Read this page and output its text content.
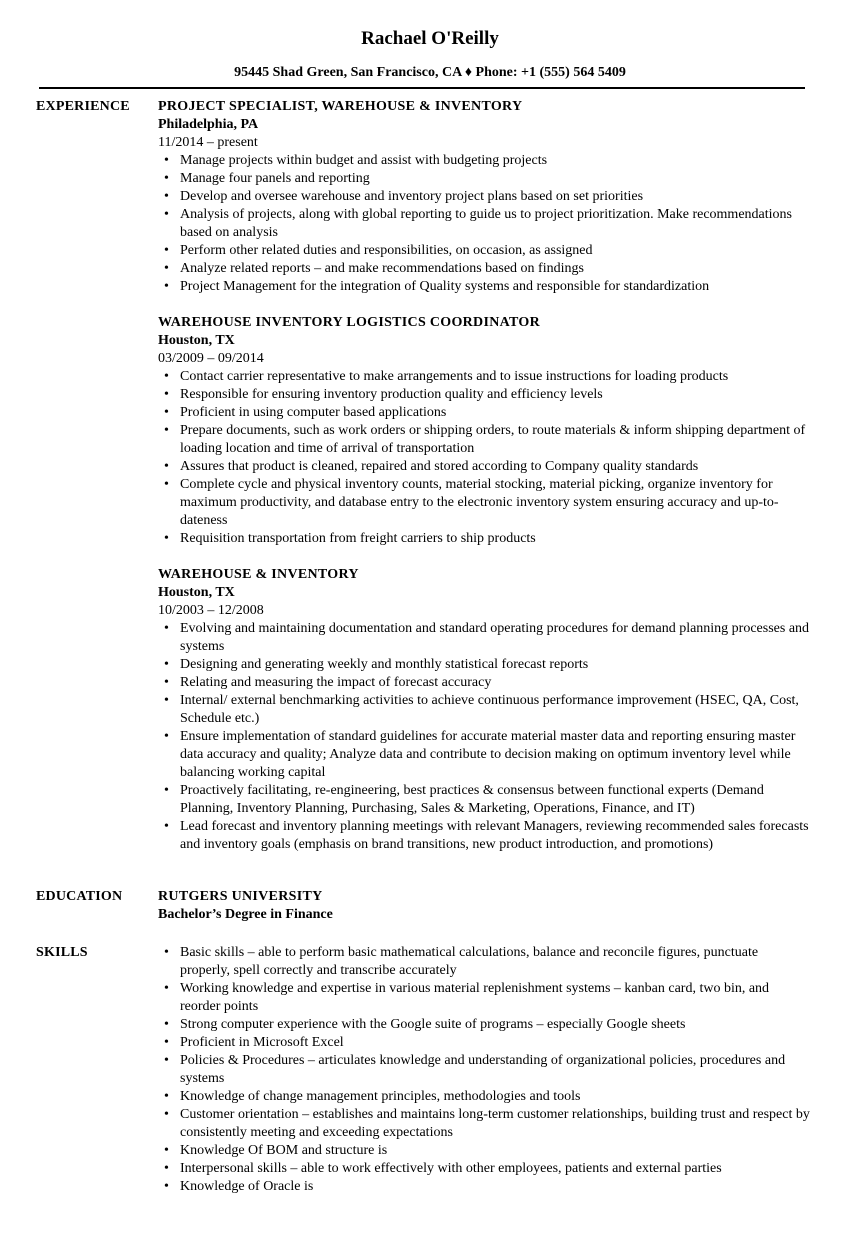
Rachael O'Reilly
95445 Shad Green, San Francisco, CA ♦ Phone: +1 (555) 564 5409
EXPERIENCE PROJECT SPECIALIST, WAREHOUSE & INVENTORY
Philadelphia, PA
11/2014 – present
• Manage projects within budget and assist with budgeting projects
• Manage four panels and reporting
• Develop and oversee warehouse and inventory project plans based on set priorities
• Analysis of projects, along with global reporting to guide us to project prioritization. Make recommendations based on analysis
• Perform other related duties and responsibilities, on occasion, as assigned
• Analyze related reports – and make recommendations based on findings
• Project Management for the integration of Quality systems and responsible for standardization
WAREHOUSE INVENTORY LOGISTICS COORDINATOR
Houston, TX
03/2009 – 09/2014
• Contact carrier representative to make arrangements and to issue instructions for loading products
• Responsible for ensuring inventory production quality and efficiency levels
• Proficient in using computer based applications
• Prepare documents, such as work orders or shipping orders, to route materials & inform shipping department of loading location and time of arrival of transportation
• Assures that product is cleaned, repaired and stored according to Company quality standards
• Complete cycle and physical inventory counts, material stocking, material picking, organize inventory for maximum productivity, and database entry to the electronic inventory system ensuring accuracy and up-to-dateness
• Requisition transportation from freight carriers to ship products
WAREHOUSE & INVENTORY
Houston, TX
10/2003 – 12/2008
• Evolving and maintaining documentation and standard operating procedures for demand planning processes and systems
• Designing and generating weekly and monthly statistical forecast reports
• Relating and measuring the impact of forecast accuracy
• Internal/ external benchmarking activities to achieve continuous performance improvement (HSEC, QA, Cost, Schedule etc.)
• Ensure implementation of standard guidelines for accurate material master data and reporting ensuring master data accuracy and quality; Analyze data and contribute to decision making on optimum inventory level while balancing working capital
• Proactively facilitating, re-engineering, best practices & consensus between functional experts (Demand Planning, Inventory Planning, Purchasing, Sales & Marketing, Operations, Finance, and IT)
• Lead forecast and inventory planning meetings with relevant Managers, reviewing recommended sales forecasts and inventory goals (emphasis on brand transitions, new product introduction, and promotions)
EDUCATION	RUTGERS UNIVERSITY
Bachelor’s Degree in Finance
SKILLS
•	Basic skills – able to perform basic mathematical calculations, balance and reconcile figures, punctuate properly, spell correctly and transcribe accurately
• Working knowledge and expertise in various material replenishment systems – kanban card, two bin, and reorder points
• Strong computer experience with the Google suite of programs – especially Google sheets
• Proficient in Microsoft Excel
• Policies & Procedures – articulates knowledge and understanding of organizational policies, procedures and systems
• Knowledge of change management principles, methodologies and tools
• Customer orientation – establishes and maintains long-term customer relationships, building trust and respect by consistently meeting and exceeding expectations
• Knowledge Of BOM and structure is
• Interpersonal skills – able to work effectively with other employees, patients and external parties
• Knowledge of Oracle is
